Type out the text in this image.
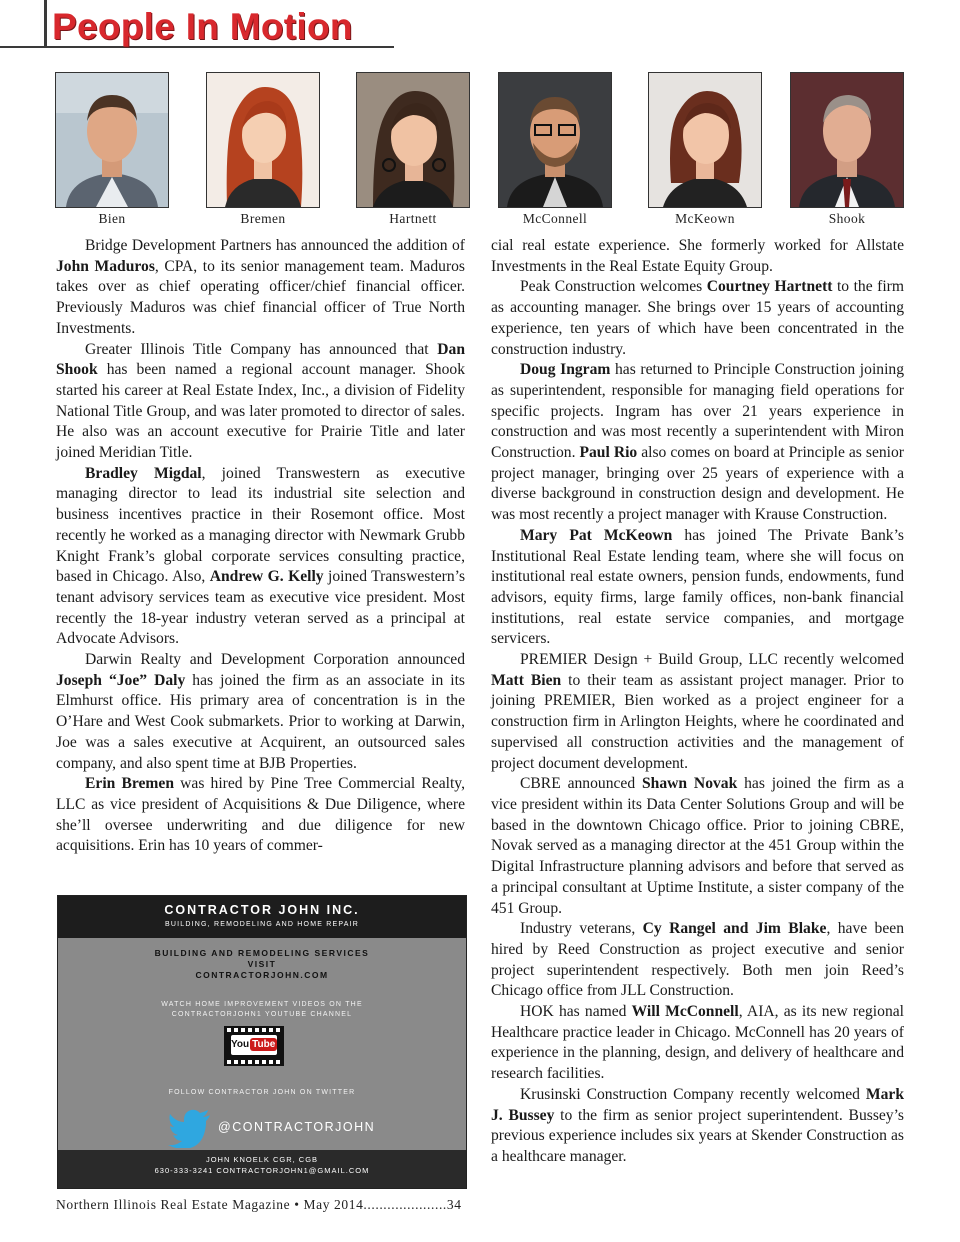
People In Motion
Bien	Bremen	Hartnett	McConnell	McKeown	Shook

Bridge Development Partners has announced the addition of John Maduros, CPA, to its senior management team. Maduros takes over as chief operating officer/chief financial officer. Previously Maduros was chief financial officer of True North Investments.

Greater Illinois Title Company has announced that Dan Shook has been named a regional account manager. Shook started his career at Real Estate Index, Inc., a division of Fidelity National Title Group, and was later promoted to director of sales. He also was an account executive for Prairie Title and later joined Meridian Title.

Bradley Migdal, joined Transwestern as executive managing director to lead its industrial site selection and business incentives practice in their Rosemont office. Most recently he worked as a managing director with Newmark Grubb Knight Frank’s global corporate services consulting practice, based in Chicago. Also, Andrew G. Kelly joined Transwestern’s tenant advisory services team as executive vice president. Most recently the 18-year industry veteran served as a principal at Advocate Advisors.

Darwin Realty and Development Corporation announced Joseph “Joe” Daly has joined the firm as an associate in its Elmhurst office. His primary area of concentration is in the O’Hare and West Cook submarkets. Prior to working at Darwin, Joe was a sales executive at Acquirent, an outsourced sales company, and also spent time at BJB Properties.

Erin Bremen was hired by Pine Tree Commercial Realty, LLC as vice president of Acquisitions & Due Diligence, where she’ll oversee underwriting and due diligence for new acquisitions. Erin has 10 years of commer-

cial real estate experience. She formerly worked for Allstate Investments in the Real Estate Equity Group.

Peak Construction welcomes Courtney Hartnett to the firm as accounting manager. She brings over 15 years of accounting experience, ten years of which have been concentrated in the construction industry.

Doug Ingram has returned to Principle Construction joining as superintendent, responsible for managing field operations for specific projects. Ingram has over 21 years experience in construction and was most recently a superintendent with Miron Construction. Paul Rio also comes on board at Principle as senior project manager, bringing over 25 years of experience with a diverse background in construction design and development. He was most recently a project manager with Krause Construction.

Mary Pat McKeown has joined The Private Bank’s Institutional Real Estate lending team, where she will focus on institutional real estate owners, pension funds, endowments, fund advisors, equity firms, large family offices, non-bank financial institutions, real estate service companies, and mortgage servicers.

PREMIER Design + Build Group, LLC recently welcomed Matt Bien to their team as assistant project manager. Prior to joining PREMIER, Bien worked as a project engineer for a construction firm in Arlington Heights, where he coordinated and supervised all construction activities and the management of project document development.

CBRE announced Shawn Novak has joined the firm as a vice president within its Data Center Solutions Group and will be based in the downtown Chicago office. Prior to joining CBRE, Novak served as a managing director at the 451 Group within the Digital Infrastructure planning advisors and before that served as a principal consultant at Uptime Institute, a sister company of the 451 Group.

Industry veterans, Cy Rangel and Jim Blake, have been hired by Reed Construction as project executive and senior project superintendent respectively. Both men join Reed’s Chicago office from JLL Construction.

HOK has named Will McConnell, AIA, as its new regional Healthcare practice leader in Chicago. McConnell has 20 years of experience in the planning, design, and delivery of healthcare and research facilities.

Krusinski Construction Company recently welcomed Mark J. Bussey to the firm as senior project superintendent. Bussey’s previous experience includes six years at Skender Construction as a healthcare manager.

CONTRACTOR JOHN INC.
BUILDING, REMODELING AND HOME REPAIR
BUILDING AND REMODELING SERVICES
VISIT
CONTRACTORJOHN.COM
WATCH HOME IMPROVEMENT VIDEOS ON THE
CONTRACTORJOHN1 YOUTUBE CHANNEL
You Tube
FOLLOW CONTRACTOR JOHN ON TWITTER
@CONTRACTORJOHN
JOHN KNOELK CGR, CGB
630-333-3241 CONTRACTORJOHN1@GMAIL.COM
Northern Illinois Real Estate Magazine • May 2014.....................34
